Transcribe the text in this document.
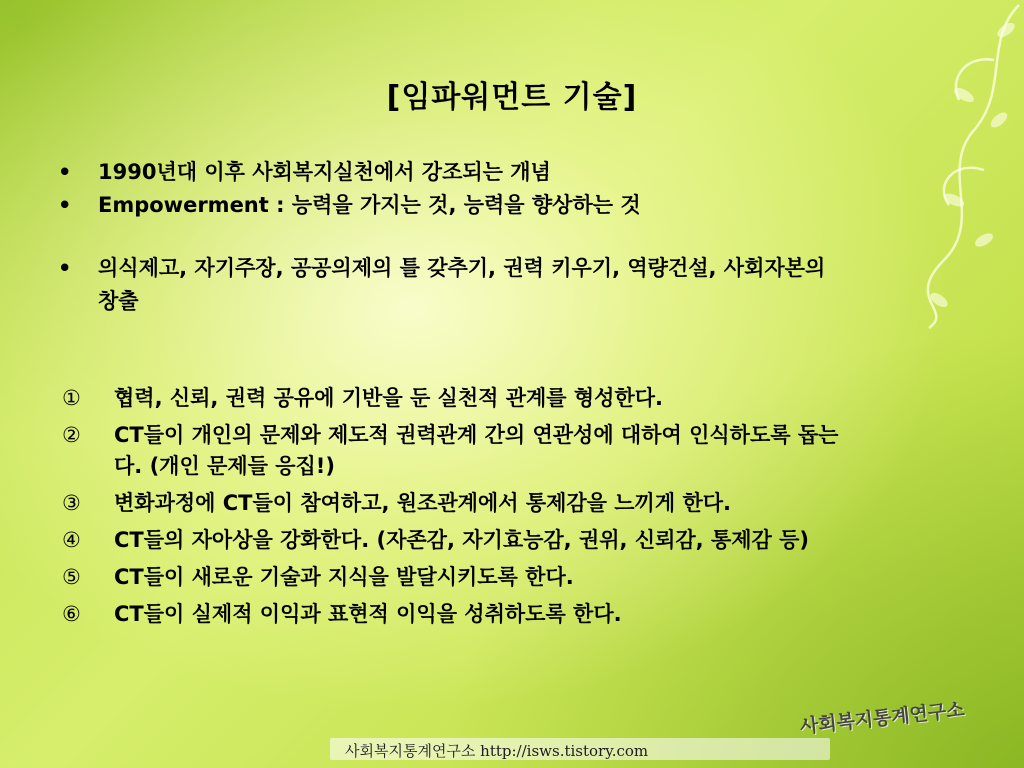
[임파워먼트 기술]
•	1990년대 이후 사회복지실천에서 강조되는 개념
•	Empowerment : 능력을 가지는 것, 능력을 향상하는 것
•	의식제고, 자기주장, 공공의제의 틀 갖추기, 권력 키우기, 역량건설, 사회자본의 창출
①	협력, 신뢰, 권력 공유에 기반을 둔 실천적 관계를 형성한다.
②	CT들이 개인의 문제와 제도적 권력관계 간의 연관성에 대하여 인식하도록 돕는다. (개인 문제들 응집!)
③	변화과정에 CT들이 참여하고, 원조관계에서 통제감을 느끼게 한다.
④	CT들의 자아상을 강화한다. (자존감, 자기효능감, 권위, 신뢰감, 통제감 등)
⑤	CT들이 새로운 기술과 지식을 발달시키도록 한다.
⑥	CT들이 실제적 이익과 표현적 이익을 성취하도록 한다.
사회복지통계연구소 http://isws.tistory.com
사회복지통계연구소
